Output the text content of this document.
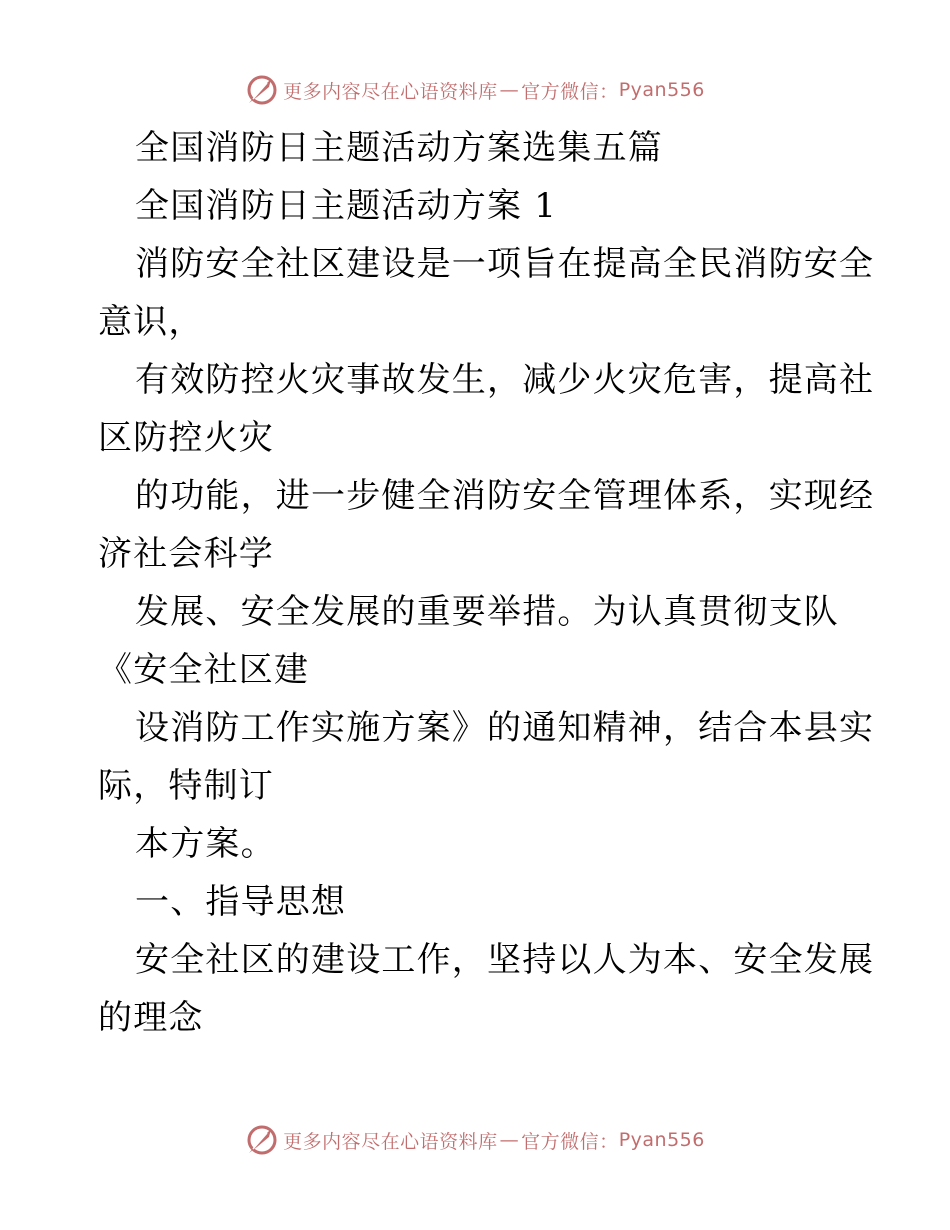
更多内容尽在心语资料库 — 官方微信： Pyan556
全国消防日主题活动方案选集五篇
全国消防日主题活动方案 1
消防安全社区建设是一项旨在提高全民消防安全
意识，
有效防控火灾事故发生，减少火灾危害，提高社
区防控火灾
的功能，进一步健全消防安全管理体系，实现经
济社会科学
发展、安全发展的重要举措。为认真贯彻支队
《安全社区建
设消防工作实施方案》的通知精神，结合本县实
际，特制订
本方案。
一、指导思想
安全社区的建设工作，坚持以人为本、安全发展
的理念
更多内容尽在心语资料库 — 官方微信： Pyan556
